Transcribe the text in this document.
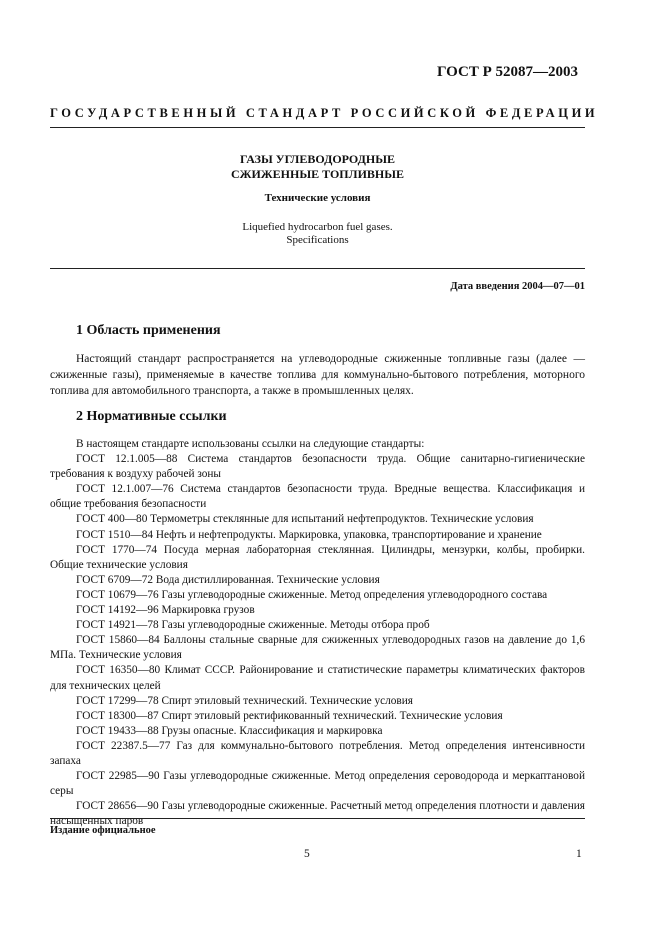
ГОСТ Р 52087—2003
ГОСУДАРСТВЕННЫЙ СТАНДАРТ РОССИЙСКОЙ ФЕДЕРАЦИИ
ГАЗЫ УГЛЕВОДОРОДНЫЕ
СЖИЖЕННЫЕ ТОПЛИВНЫЕ
Технические условия
Liquefied hydrocarbon fuel gases.
Specifications
Дата введения 2004—07—01
1 Область применения

Настоящий стандарт распространяется на углеводородные сжиженные топливные газы (далее — сжиженные газы), применяемые в качестве топлива для коммунально-бытового потребления, моторного топлива для автомобильного транспорта, а также в промышленных целях.

2 Нормативные ссылки

В настоящем стандарте использованы ссылки на следующие стандарты:

ГОСТ 12.1.005—88 Система стандартов безопасности труда. Общие санитарно-гигиенические требования к воздуху рабочей зоны

ГОСТ 12.1.007—76 Система стандартов безопасности труда. Вредные вещества. Классификация и общие требования безопасности

ГОСТ 400—80 Термометры стеклянные для испытаний нефтепродуктов. Технические условия

ГОСТ 1510—84 Нефть и нефтепродукты. Маркировка, упаковка, транспортирование и хранение

ГОСТ 1770—74 Посуда мерная лабораторная стеклянная. Цилиндры, мензурки, колбы, пробирки. Общие технические условия

ГОСТ 6709—72 Вода дистиллированная. Технические условия

ГОСТ 10679—76 Газы углеводородные сжиженные. Метод определения углеводородного состава

ГОСТ 14192—96 Маркировка грузов

ГОСТ 14921—78 Газы углеводородные сжиженные. Методы отбора проб

ГОСТ 15860—84 Баллоны стальные сварные для сжиженных углеводородных газов на давление до 1,6 МПа. Технические условия

ГОСТ 16350—80 Климат СССР. Районирование и статистические параметры климатических факторов для технических целей

ГОСТ 17299—78 Спирт этиловый технический. Технические условия

ГОСТ 18300—87 Спирт этиловый ректификованный технический. Технические условия

ГОСТ 19433—88 Грузы опасные. Классификация и маркировка

ГОСТ 22387.5—77 Газ для коммунально-бытового потребления. Метод определения интенсивности запаха

ГОСТ 22985—90 Газы углеводородные сжиженные. Метод определения сероводорода и меркаптановой серы

ГОСТ 28656—90 Газы углеводородные сжиженные. Расчетный метод определения плотности и давления насыщенных паров

Издание официальное
5	1
